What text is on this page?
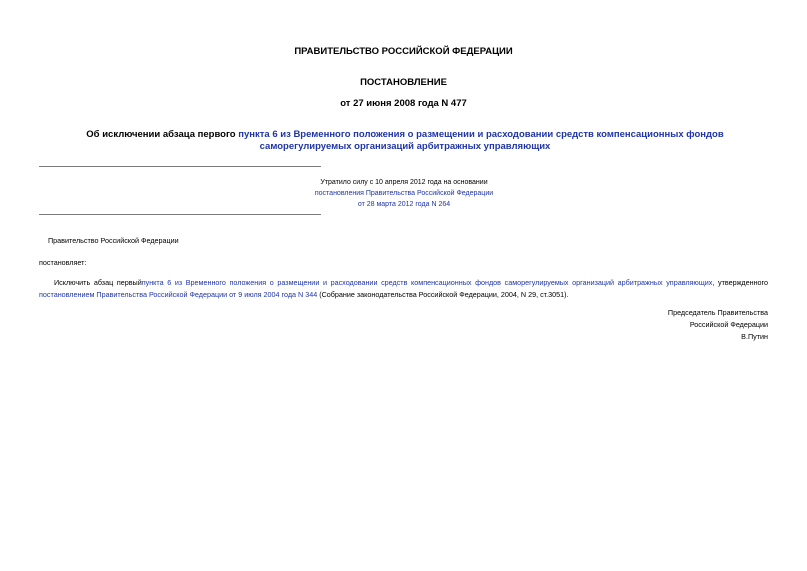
ПРАВИТЕЛЬСТВО РОССИЙСКОЙ ФЕДЕРАЦИИ
ПОСТАНОВЛЕНИЕ
от 27 июня 2008 года N 477
Об исключении абзаца первого пункта 6 из Временного положения о размещении и расходовании средств компенсационных фондов саморегулируемых организаций арбитражных управляющих
Утратило силу с 10 апреля 2012 года на основании
постановления Правительства Российской Федерации
от 28 марта 2012 года N 264
Правительство Российской Федерации
постановляет:
Исключить абзац первыйпункта 6 из Временного положения о размещении и расходовании средств компенсационных фондов саморегулируемых организаций арбитражных управляющих, утвержденного постановлением Правительства Российской Федерации от 9 июля 2004 года N 344 (Собрание законодательства Российской Федерации, 2004, N 29, ст.3051).
Председатель Правительства
Российской Федерации
В.Путин
